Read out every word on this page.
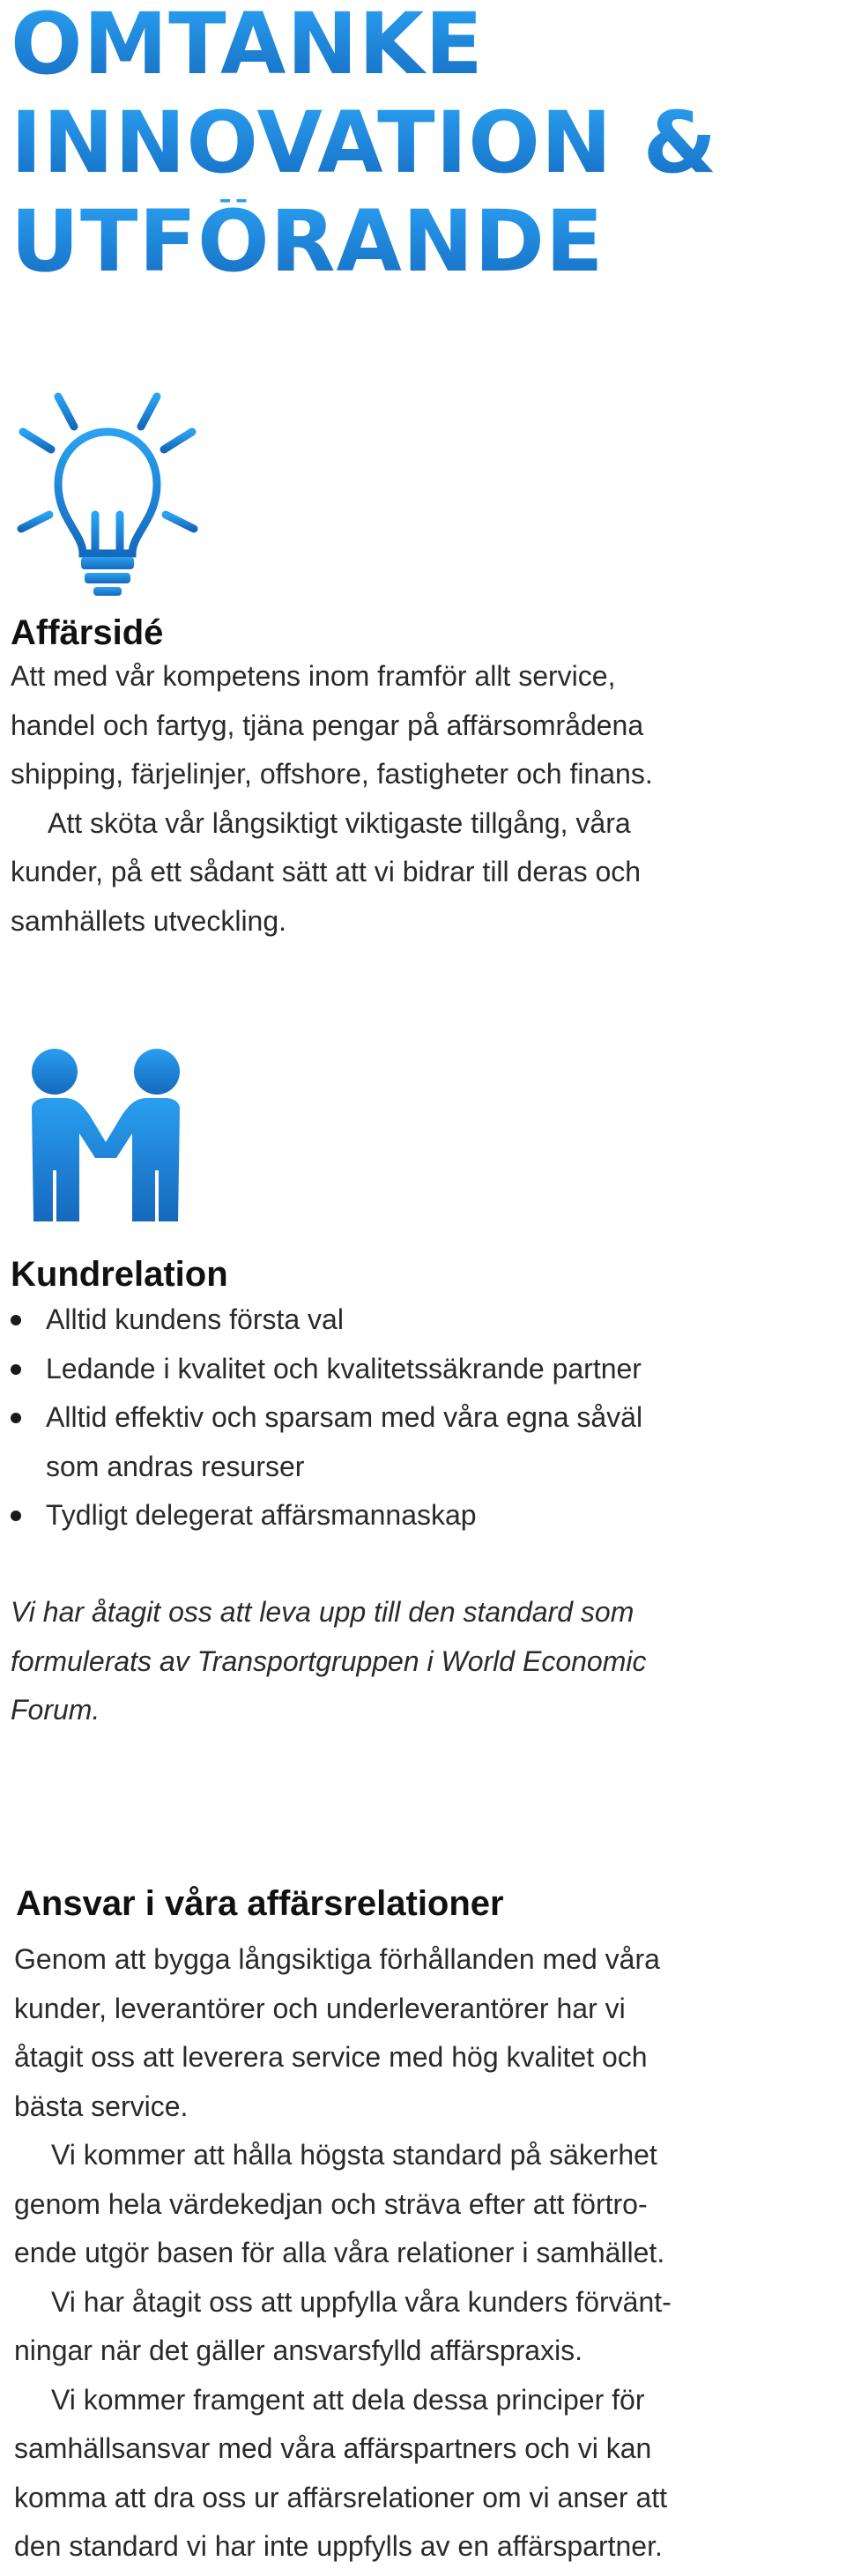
OMTANKE
INNOVATION &
UTFÖRANDE
Affärsidé
Att med vår kompetens inom framför allt service,
handel och fartyg, tjäna pengar på affärsområdena
shipping, färjelinjer, offshore, fastigheter och finans.
Att sköta vår långsiktigt viktigaste tillgång, våra
kunder, på ett sådant sätt att vi bidrar till deras och
samhällets utveckling.
Kundrelation
Alltid kundens första val
Ledande i kvalitet och kvalitetssäkrande partner
Alltid effektiv och sparsam med våra egna såväl
som andras resurser
Tydligt delegerat affärsmannaskap
Vi har åtagit oss att leva upp till den standard som
formulerats av Transportgruppen i World Economic
Forum.
Ansvar i våra affärsrelationer
Genom att bygga långsiktiga förhållanden med våra
kunder, leverantörer och underleverantörer har vi
åtagit oss att leverera service med hög kvalitet och
bästa service.
Vi kommer att hålla högsta standard på säkerhet
genom hela värdekedjan och sträva efter att förtro-
ende utgör basen för alla våra relationer i samhället.
Vi har åtagit oss att uppfylla våra kunders förvänt-
ningar när det gäller ansvarsfylld affärspraxis.
Vi kommer framgent att dela dessa principer för
samhällsansvar med våra affärspartners och vi kan
komma att dra oss ur affärsrelationer om vi anser att
den standard vi har inte uppfylls av en affärspartner.
